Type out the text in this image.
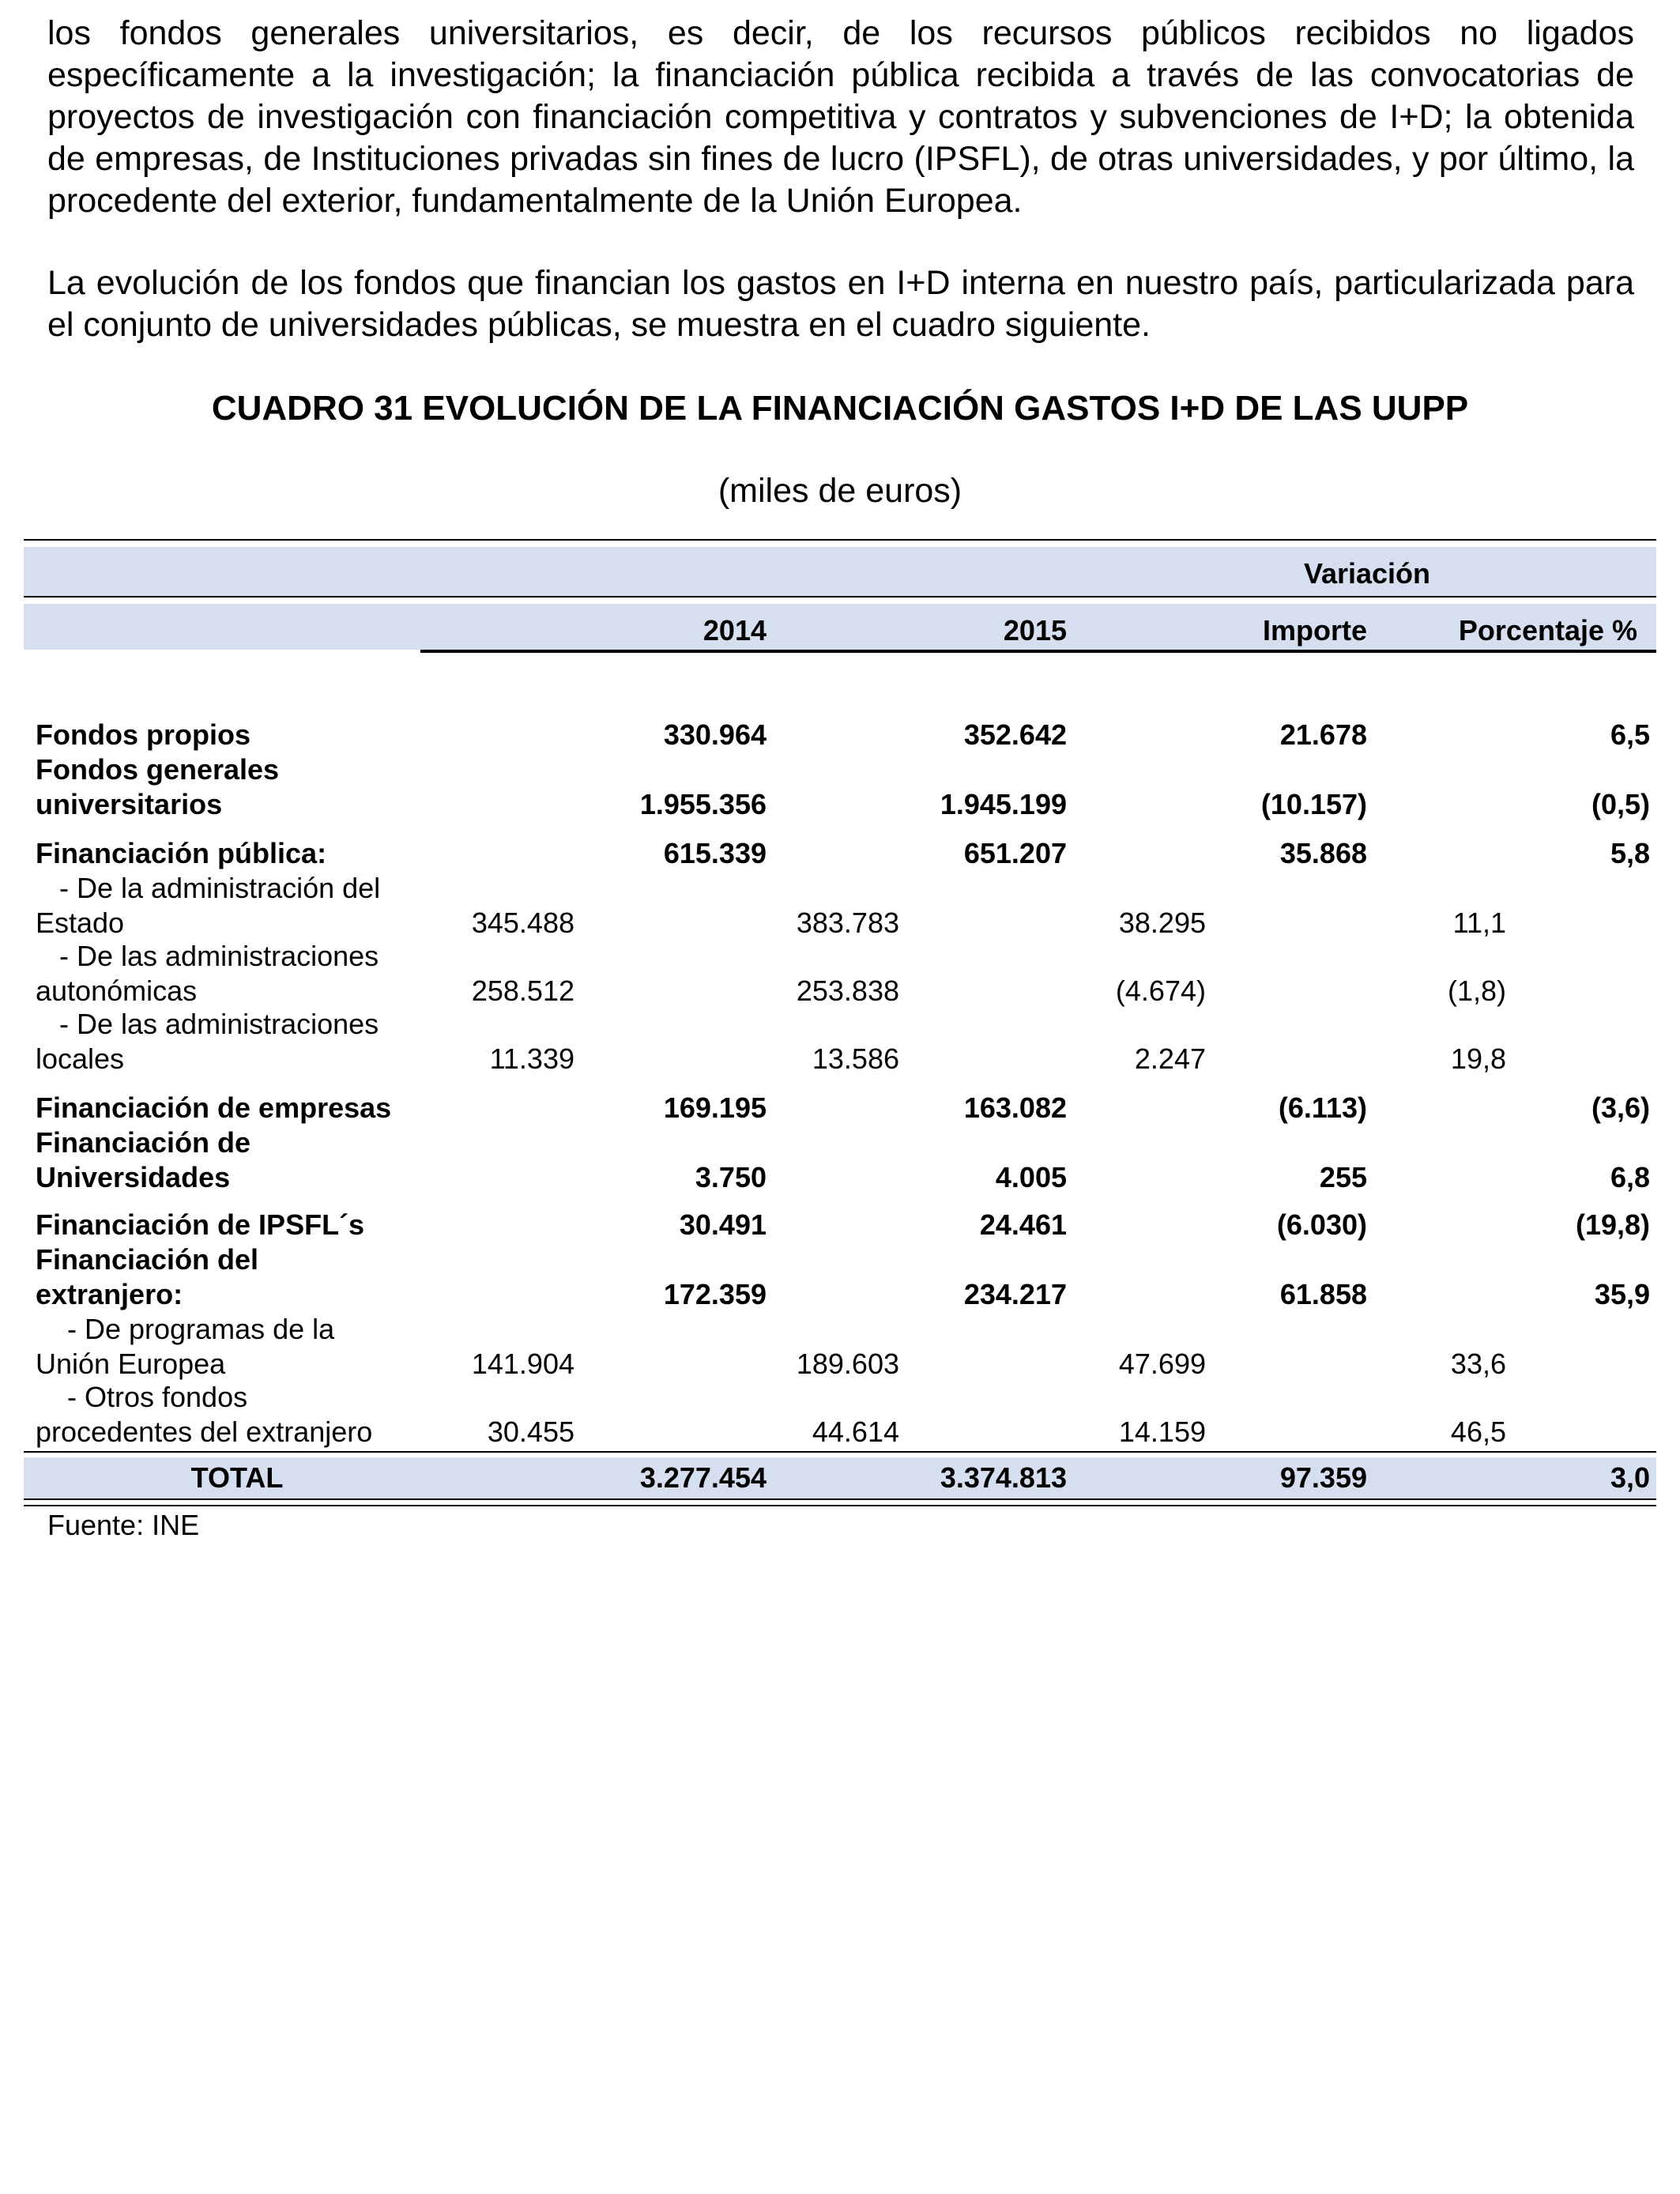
los fondos generales universitarios, es decir, de los recursos públicos recibidos no ligados específicamente a la investigación; la financiación pública recibida a través de las convocatorias de proyectos de investigación con financiación competitiva y contratos y subvenciones de I+D; la obtenida de empresas, de Instituciones privadas sin fines de lucro (IPSFL), de otras universidades, y por último, la procedente del exterior, fundamentalmente de la Unión Europea.

La evolución de los fondos que financian los gastos en I+D interna en nuestro país, particularizada para el conjunto de universidades públicas, se muestra en el cuadro siguiente.

CUADRO 31 EVOLUCIÓN DE LA FINANCIACIÓN GASTOS I+D DE LAS UUPP
(miles de euros)
Variación
2014	2015	Importe	Porcentaje %
Fondos propios	330.964	352.642	21.678	6,5
Fondos generales
universitarios	1.955.356	1.945.199	(10.157)	(0,5)
Financiación pública:	615.339	651.207	35.868	5,8
- De la administración del
Estado	345.488	383.783	38.295	11,1
- De las administraciones
autonómicas	258.512	253.838	(4.674)	(1,8)
- De las administraciones
locales	11.339	13.586	2.247	19,8
Financiación de empresas	169.195	163.082	(6.113)	(3,6)
Financiación de
Universidades	3.750	4.005	255	6,8
Financiación de IPSFL´s	30.491	24.461	(6.030)	(19,8)
Financiación del
extranjero:	172.359	234.217	61.858	35,9
- De programas de la
Unión Europea	141.904	189.603	47.699	33,6
- Otros fondos
procedentes del extranjero	30.455	44.614	14.159	46,5
TOTAL	3.277.454	3.374.813	97.359	3,0
Fuente: INE
